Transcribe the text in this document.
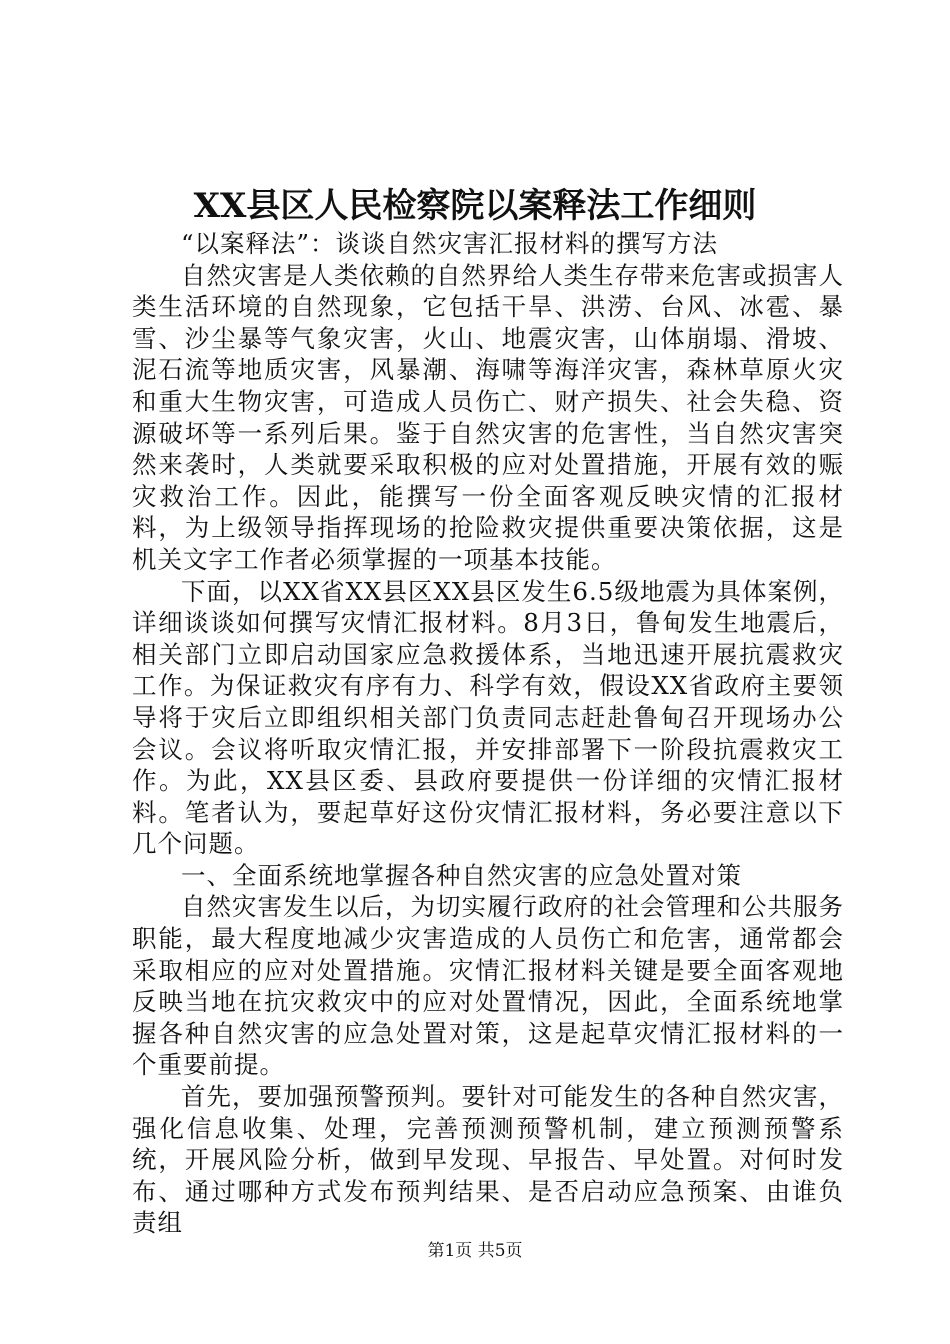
XX县区人民检察院以案释法工作细则

“以案释法”：谈谈自然灾害汇报材料的撰写方法

自然灾害是人类依赖的自然界给人类生存带来危害或损害人类生活环境的自然现象，它包括干旱、洪涝、台风、冰雹、暴雪、沙尘暴等气象灾害，火山、地震灾害，山体崩塌、滑坡、泥石流等地质灾害，风暴潮、海啸等海洋灾害，森林草原火灾和重大生物灾害，可造成人员伤亡、财产损失、社会失稳、资源破坏等一系列后果。鉴于自然灾害的危害性，当自然灾害突然来袭时，人类就要采取积极的应对处置措施，开展有效的赈灾救治工作。因此，能撰写一份全面客观反映灾情的汇报材料，为上级领导指挥现场的抢险救灾提供重要决策依据，这是机关文字工作者必须掌握的一项基本技能。

下面，以XX省XX县区XX县区发生6.5级地震为具体案例，详细谈谈如何撰写灾情汇报材料。8月3日，鲁甸发生地震后，相关部门立即启动国家应急救援体系，当地迅速开展抗震救灾工作。为保证救灾有序有力、科学有效，假设XX省政府主要领导将于灾后立即组织相关部门负责同志赶赴鲁甸召开现场办公会议。会议将听取灾情汇报，并安排部署下一阶段抗震救灾工作。为此，XX县区委、县政府要提供一份详细的灾情汇报材料。笔者认为，要起草好这份灾情汇报材料，务必要注意以下几个问题。

一、全面系统地掌握各种自然灾害的应急处置对策

自然灾害发生以后，为切实履行政府的社会管理和公共服务职能，最大程度地减少灾害造成的人员伤亡和危害，通常都会采取相应的应对处置措施。灾情汇报材料关键是要全面客观地反映当地在抗灾救灾中的应对处置情况，因此，全面系统地掌握各种自然灾害的应急处置对策，这是起草灾情汇报材料的一个重要前提。

首先，要加强预警预判。要针对可能发生的各种自然灾害，强化信息收集、处理，完善预测预警机制，建立预测预警系统，开展风险分析，做到早发现、早报告、早处置。对何时发布、通过哪种方式发布预判结果、是否启动应急预案、由谁负责组

第1页 共5页
